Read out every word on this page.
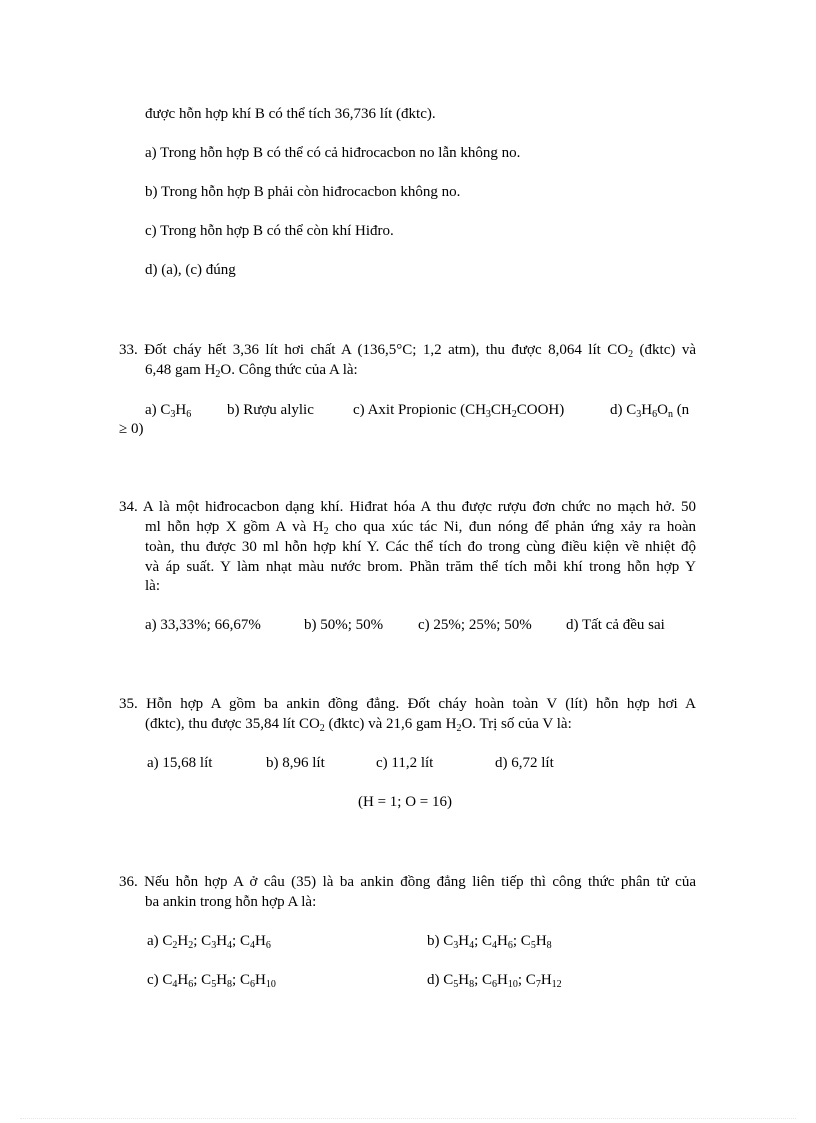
được hỗn hợp khí B có thể tích 36,736 lít (đktc).
a) Trong hỗn hợp B có thể có cả hiđrocacbon no lẫn không no.
b) Trong hỗn hợp B phải còn hiđrocacbon không no.
c) Trong hỗn hợp B có thể còn khí Hiđro.
d) (a), (c) đúng
33. Đốt cháy hết 3,36 lít hơi chất A (136,5°C; 1,2 atm), thu được 8,064 lít $CO_2$ (đktc) và
6,48 gam $H_2O$. Công thức của A là:
a) $C_3H_6$ b) Rượu alylic	c) Axit Propionic $(CH_3CH_2COOH)$	d) $C_3H_6O_n$ (n
≥ 0)
34. A là một hiđrocacbon dạng khí. Hiđrat hóa A thu được rượu đơn chức no mạch hở. 50
ml hỗn hợp X gồm A và $H_2$ cho qua xúc tác Ni, đun nóng để phản ứng xảy ra hoàn
toàn, thu được 30 ml hỗn hợp khí Y. Các thể tích đo trong cùng điều kiện về nhiệt độ
và áp suất. Y làm nhạt màu nước brom. Phần trăm thể tích mỗi khí trong hỗn hợp Y
là:
a) 33,33%; 66,67%	b) 50%; 50% c) 25%; 25%; 50% d) Tất cả đều sai
35. Hỗn hợp A gồm ba ankin đồng đẳng. Đốt cháy hoàn toàn V (lít) hỗn hợp hơi A
(đktc), thu được 35,84 lít $CO_2$ (đktc) và 21,6 gam $H_2O$. Trị số của V là:
a) 15,68 lít	b) 8,96 lít	c) 11,2 lít	d) 6,72 lít
(H = 1; O = 16)
36. Nếu hỗn hợp A ở câu (35) là ba ankin đồng đẳng liên tiếp thì công thức phân tử của
ba ankin trong hỗn hợp A là:
a) $C_2H_2$; $C_3H_4$; $C_4H_6$	b) $C_3H_4$; $C_4H_6$; $C_5H_8$
c) $C_4H_6$; $C_5H_8$; $C_6H_{10}$	d) $C_5H_8$; $C_6H_{10}$; $C_7H_{12}$
